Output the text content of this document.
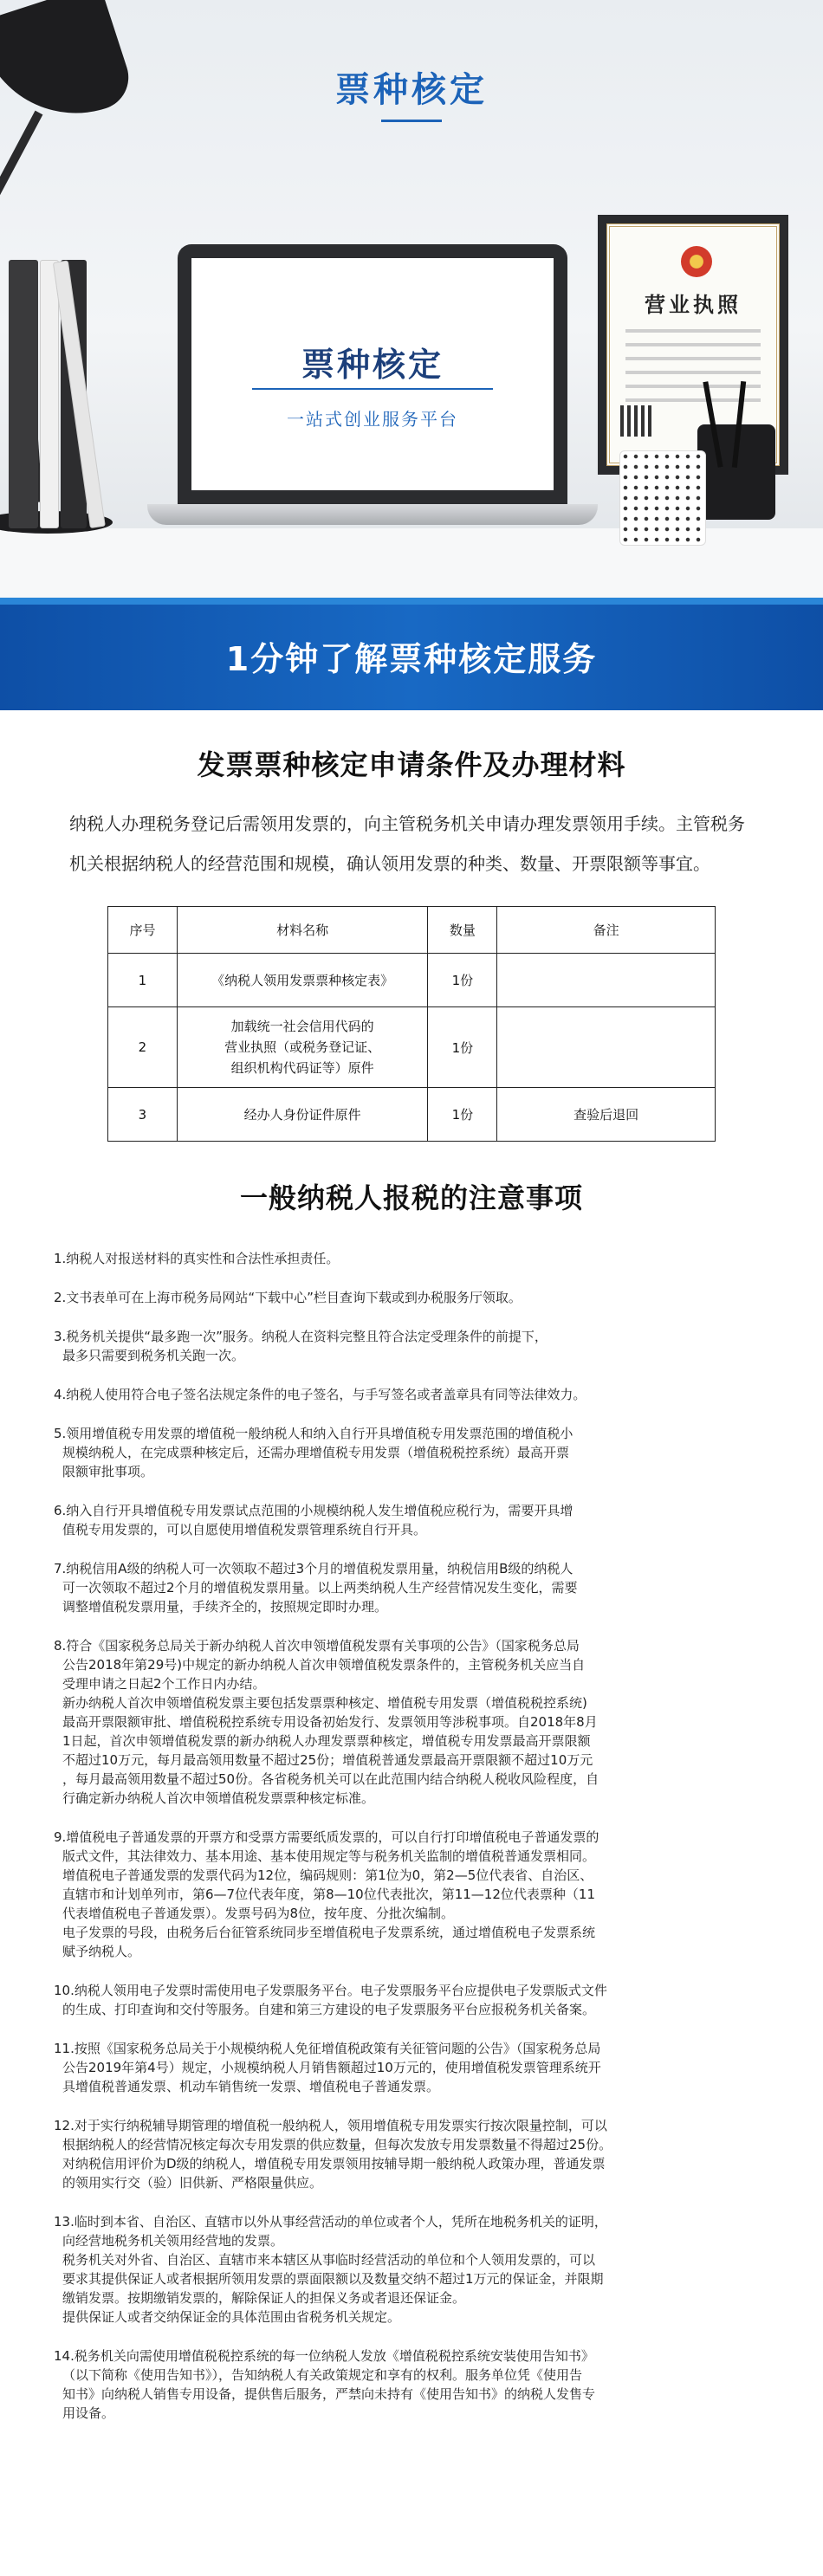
票种核定
票种核定
一站式创业服务平台
营业执照
1分钟了解票种核定服务
发票票种核定申请条件及办理材料
纳税人办理税务登记后需领用发票的，向主管税务机关申请办理发票领用手续。主管税务机关根据纳税人的经营范围和规模，确认领用发票的种类、数量、开票限额等事宜。
序号	材料名称	数量	备注
1	《纳税人领用发票票种核定表》	1份	
2	加载统一社会信用代码的
营业执照（或税务登记证、
组织机构代码证等）原件	1份	
3	经办人身份证件原件	1份	查验后退回
一般纳税人报税的注意事项

1.纳税人对报送材料的真实性和合法性承担责任。

2.文书表单可在上海市税务局网站“下载中心”栏目查询下载或到办税服务厅领取。

3.税务机关提供“最多跑一次”服务。纳税人在资料完整且符合法定受理条件的前提下，

最多只需要到税务机关跑一次。

4.纳税人使用符合电子签名法规定条件的电子签名，与手写签名或者盖章具有同等法律效力。

5.领用增值税专用发票的增值税一般纳税人和纳入自行开具增值税专用发票范围的增值税小

规模纳税人，在完成票种核定后，还需办理增值税专用发票（增值税税控系统）最高开票

限额审批事项。

6.纳入自行开具增值税专用发票试点范围的小规模纳税人发生增值税应税行为，需要开具增

值税专用发票的，可以自愿使用增值税发票管理系统自行开具。

7.纳税信用A级的纳税人可一次领取不超过3个月的增值税发票用量，纳税信用B级的纳税人

可一次领取不超过2个月的增值税发票用量。以上两类纳税人生产经营情况发生变化，需要

调整增值税发票用量，手续齐全的，按照规定即时办理。

8.符合《国家税务总局关于新办纳税人首次申领增值税发票有关事项的公告》（国家税务总局

公告2018年第29号)中规定的新办纳税人首次申领增值税发票条件的，主管税务机关应当自

受理申请之日起2个工作日内办结。

新办纳税人首次申领增值税发票主要包括发票票种核定、增值税专用发票（增值税税控系统)

最高开票限额审批、增值税税控系统专用设备初始发行、发票领用等涉税事项。自2018年8月

1日起，首次申领增值税发票的新办纳税人办理发票票种核定，增值税专用发票最高开票限额

不超过10万元，每月最高领用数量不超过25份；增值税普通发票最高开票限额不超过10万元

，每月最高领用数量不超过50份。各省税务机关可以在此范围内结合纳税人税收风险程度，自

行确定新办纳税人首次申领增值税发票票种核定标准。

9.增值税电子普通发票的开票方和受票方需要纸质发票的，可以自行打印增值税电子普通发票的

版式文件，其法律效力、基本用途、基本使用规定等与税务机关监制的增值税普通发票相同。

增值税电子普通发票的发票代码为12位，编码规则：第1位为0，第2—5位代表省、自治区、

直辖市和计划单列市，第6—7位代表年度，第8—10位代表批次，第11—12位代表票种（11

代表增值税电子普通发票）。发票号码为8位，按年度、分批次编制。

电子发票的号段，由税务后台征管系统同步至增值税电子发票系统，通过增值税电子发票系统

赋予纳税人。

10.纳税人领用电子发票时需使用电子发票服务平台。电子发票服务平台应提供电子发票版式文件

的生成、打印查询和交付等服务。自建和第三方建设的电子发票服务平台应报税务机关备案。

11.按照《国家税务总局关于小规模纳税人免征增值税政策有关征管问题的公告》（国家税务总局

公告2019年第4号）规定，小规模纳税人月销售额超过10万元的，使用增值税发票管理系统开

具增值税普通发票、机动车销售统一发票、增值税电子普通发票。

12.对于实行纳税辅导期管理的增值税一般纳税人，领用增值税专用发票实行按次限量控制，可以

根据纳税人的经营情况核定每次专用发票的供应数量，但每次发放专用发票数量不得超过25份。

对纳税信用评价为D级的纳税人，增值税专用发票领用按辅导期一般纳税人政策办理，普通发票

的领用实行交（验）旧供新、严格限量供应。

13.临时到本省、自治区、直辖市以外从事经营活动的单位或者个人，凭所在地税务机关的证明，

向经营地税务机关领用经营地的发票。

税务机关对外省、自治区、直辖市来本辖区从事临时经营活动的单位和个人领用发票的，可以

要求其提供保证人或者根据所领用发票的票面限额以及数量交纳不超过1万元的保证金，并限期

缴销发票。按期缴销发票的，解除保证人的担保义务或者退还保证金。

提供保证人或者交纳保证金的具体范围由省税务机关规定。

14.税务机关向需使用增值税税控系统的每一位纳税人发放《增值税税控系统安装使用告知书》

（以下简称《使用告知书》），告知纳税人有关政策规定和享有的权利。服务单位凭《使用告

知书》向纳税人销售专用设备，提供售后服务，严禁向未持有《使用告知书》的纳税人发售专

用设备。
